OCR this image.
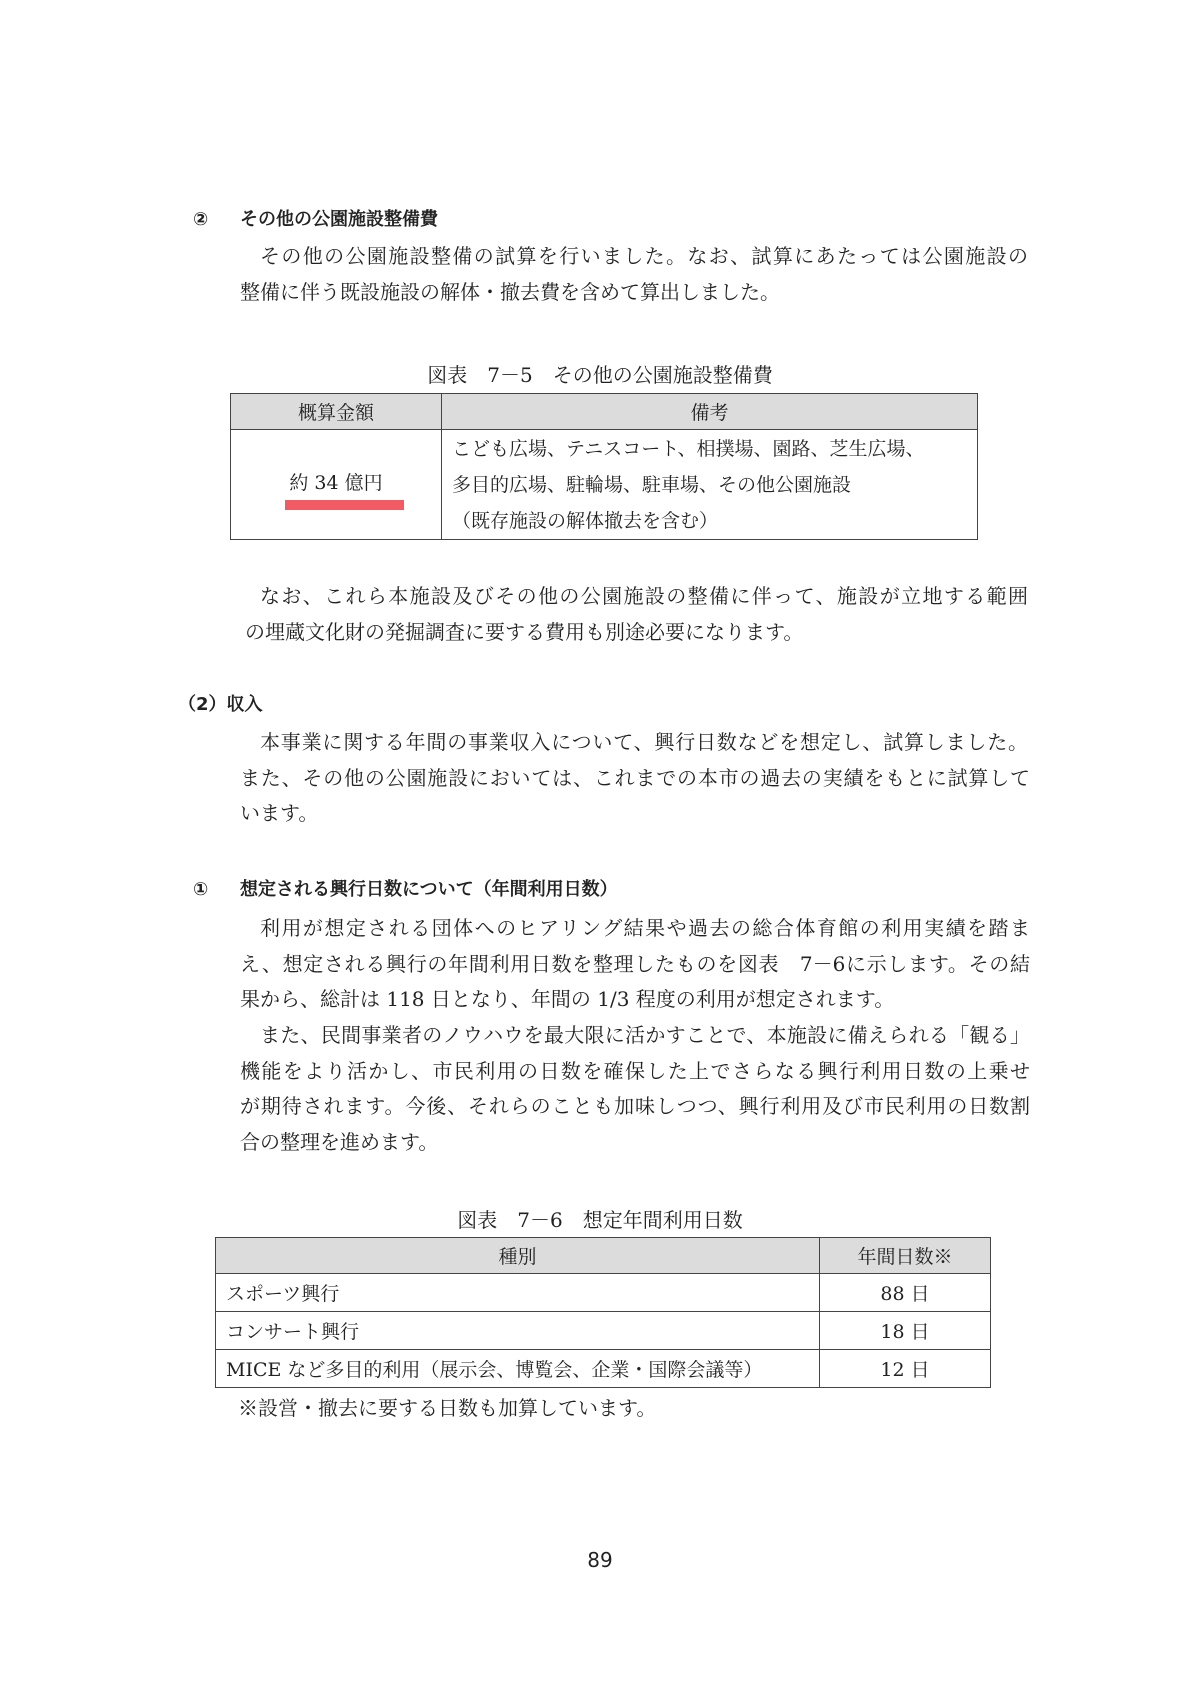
② その他の公園施設整備費
その他の公園施設整備の試算を行いました。なお、試算にあたっては公園施設の
整備に伴う既設施設の解体・撤去費を含めて算出しました。
図表　7－5　その他の公園施設整備費
概算金額	備考
約 34 億円	こども広場、テニスコート、相撲場、園路、芝生広場、
多目的広場、駐輪場、駐車場、その他公園施設
（既存施設の解体撤去を含む）
なお、これら本施設及びその他の公園施設の整備に伴って、施設が立地する範囲
の埋蔵文化財の発掘調査に要する費用も別途必要になります。
（2）収入
本事業に関する年間の事業収入について、興行日数などを想定し、試算しました。
また、その他の公園施設においては、これまでの本市の過去の実績をもとに試算して
います。
① 想定される興行日数について（年間利用日数）
利用が想定される団体へのヒアリング結果や過去の総合体育館の利用実績を踏ま
え、想定される興行の年間利用日数を整理したものを図表　7－6に示します。その結
果から、総計は 118 日となり、年間の 1/3 程度の利用が想定されます。
また、民間事業者のノウハウを最大限に活かすことで、本施設に備えられる「観る」
機能をより活かし、市民利用の日数を確保した上でさらなる興行利用日数の上乗せ
が期待されます。今後、それらのことも加味しつつ、興行利用及び市民利用の日数割
合の整理を進めます。
図表　7－6　想定年間利用日数
種別	年間日数※
スポーツ興行	88 日
コンサート興行	18 日
MICE など多目的利用（展示会、博覧会、企業・国際会議等）	12 日
※設営・撤去に要する日数も加算しています。
89
